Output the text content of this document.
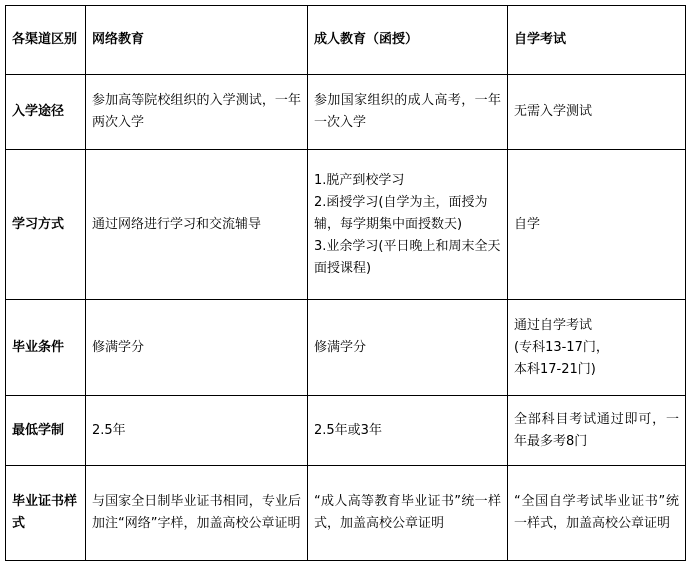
各渠道区别	网络教育	成人教育（函授）	自学考试
入学途径	参加高等院校组织的入学测试，一年两次入学	参加国家组织的成人高考，一年一次入学	无需入学测试
学习方式	通过网络进行学习和交流辅导	1.脱产到校学习
2.函授学习(自学为主，面授为辅，每学期集中面授数天)
3.业余学习(平日晚上和周末全天面授课程)	自学
毕业条件	修满学分	修满学分	通过自学考试
(专科13-17门，
本科17-21门)

最低学制	2.5年	2.5年或3年	全部科目考试通过即可，一年最多考8门
毕业证书样式	与国家全日制毕业证书相同，专业后加注“网络”字样，加盖高校公章证明	“成人高等教育毕业证书”统一样式，加盖高校公章证明	“全国自学考试毕业证书”统一样式，加盖高校公章证明
